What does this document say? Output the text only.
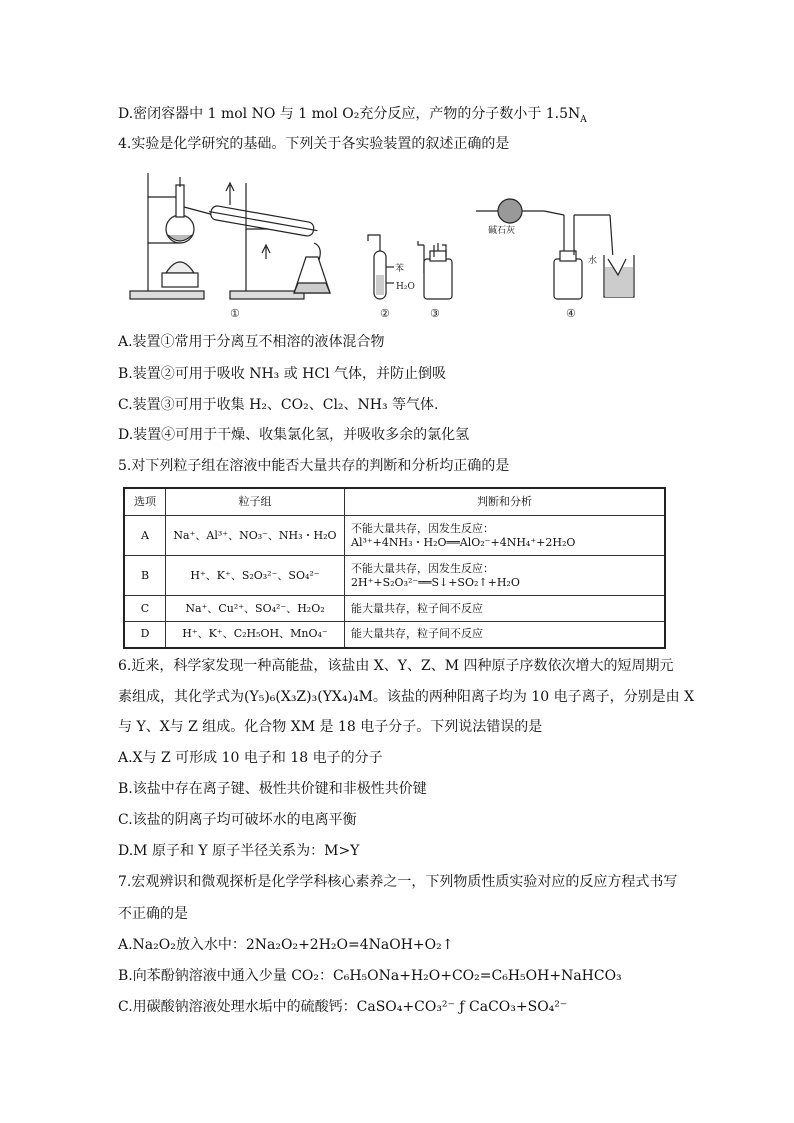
D.密闭容器中 1 mol NO 与 1 mol O₂充分反应，产物的分子数小于 $1.5N_A$
4.实验是化学研究的基础。下列关于各实验装置的叙述正确的是
①
苯
H₂O
②	③
碱石灰
水
④
A.装置①常用于分离互不相溶的液体混合物
B.装置②可用于吸收 NH₃ 或 HCl 气体，并防止倒吸
C.装置③可用于收集 H₂、CO₂、Cl₂、NH₃ 等气体.
D.装置④可用于干燥、收集氯化氢，并吸收多余的氯化氢
5.对下列粒子组在溶液中能否大量共存的判断和分析均正确的是
选项	粒子组	判断和分析
A	Na⁺、Al³⁺、NO₃⁻、NH₃・H₂O	不能大量共存，因发生反应：
Al³⁺+4NH₃・H₂O══AlO₂⁻+4NH₄⁺+2H₂O

B	H⁺、K⁺、S₂O₃²⁻、SO₄²⁻	不能大量共存，因发生反应：
2H⁺+S₂O₃²⁻══S↓+SO₂↑+H₂O

C	Na⁺、Cu²⁺、SO₄²⁻、H₂O₂	能大量共存，粒子间不反应
D	H⁺、K⁺、C₂H₅OH、MnO₄⁻	能大量共存，粒子间不反应
6.近来，科学家发现一种高能盐，该盐由 X、Y、Z、M 四种原子序数依次增大的短周期元
素组成，其化学式为(Y₅)₆(X₃Z)₃(YX₄)₄M。该盐的两种阳离子均为 10 电子离子，分别是由 X
与 Y、X与 Z 组成。化合物 XM 是 18 电子分子。下列说法错误的是
A.X与 Z 可形成 10 电子和 18 电子的分子
B.该盐中存在离子键、极性共价键和非极性共价键
C.该盐的阴离子均可破坏水的电离平衡
D.M 原子和 Y 原子半径关系为：M>Y
7.宏观辨识和微观探析是化学学科核心素养之一，下列物质性质实验对应的反应方程式书写
不正确的是
A.Na₂O₂放入水中：2Na₂O₂+2H₂O=4NaOH+O₂↑
B.向苯酚钠溶液中通入少量 CO₂：C₆H₅ONa+H₂O+CO₂=C₆H₅OH+NaHCO₃
C.用碳酸钠溶液处理水垢中的硫酸钙：CaSO₄+CO₃²⁻ ƒ CaCO₃+SO₄²⁻
